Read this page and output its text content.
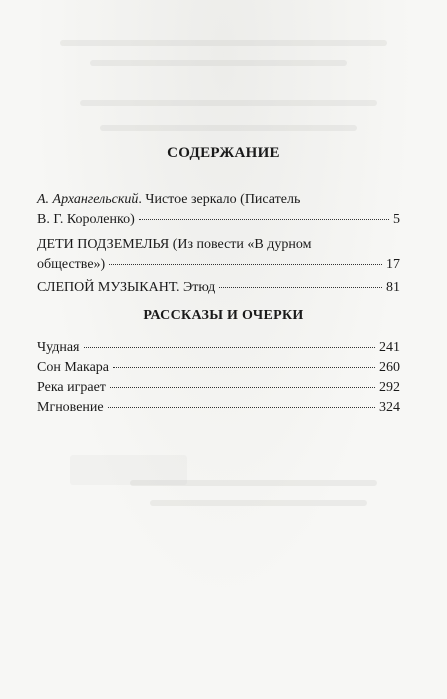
СОДЕРЖАНИЕ
А. Архангельский. Чистое зеркало (Писатель
В. Г. Короленко)	5
ДЕТИ ПОДЗЕМЕЛЬЯ (Из повести «В дурном
обществе»)	17
СЛЕПОЙ МУЗЫКАНТ. Этюд	81
РАССКАЗЫ И ОЧЕРКИ
Чудная	241
Сон Макара	260
Река играет	292
Мгновение	324
